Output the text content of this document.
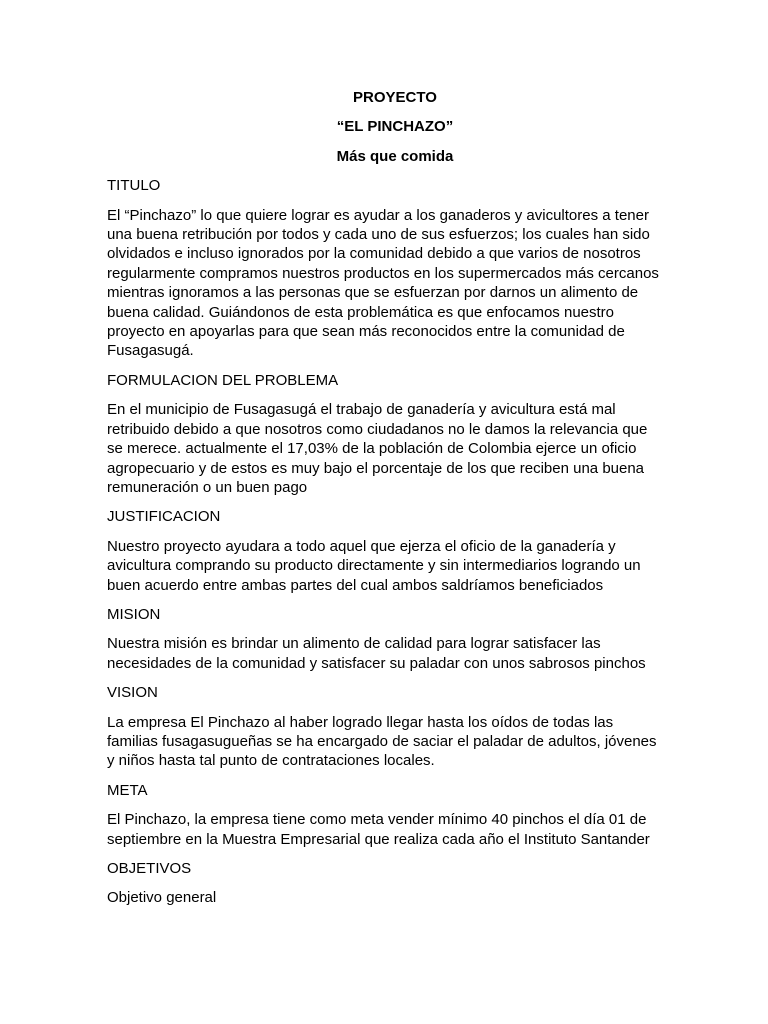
PROYECTO
“EL PINCHAZO”
Más que comida
TITULO
El “Pinchazo” lo que quiere lograr es ayudar a los ganaderos y avicultores a tener una buena retribución por todos y cada uno de sus esfuerzos; los cuales han sido olvidados e incluso ignorados por la comunidad debido a que varios de nosotros regularmente compramos nuestros productos en los supermercados más cercanos mientras ignoramos a las personas que se esfuerzan por darnos un alimento de buena calidad. Guiándonos de esta problemática es que enfocamos nuestro proyecto en apoyarlas para que sean más reconocidos entre la comunidad de Fusagasugá.
FORMULACION DEL PROBLEMA
En el municipio de Fusagasugá el trabajo de ganadería y avicultura está mal retribuido debido a que nosotros como ciudadanos no le damos la relevancia que se merece. actualmente el 17,03% de la población de Colombia ejerce un oficio agropecuario y de estos es muy bajo el porcentaje de los que reciben una buena remuneración o un buen pago
JUSTIFICACION
Nuestro proyecto ayudara a todo aquel que ejerza el oficio de la ganadería y avicultura comprando su producto directamente y sin intermediarios logrando un buen acuerdo entre ambas partes del cual ambos saldríamos beneficiados
MISION
Nuestra misión es brindar un alimento de calidad para lograr satisfacer las necesidades de la comunidad y satisfacer su paladar con unos sabrosos pinchos
VISION
La empresa El Pinchazo al haber logrado llegar hasta los oídos de todas las familias fusagasugueñas se ha encargado de saciar el paladar de adultos, jóvenes y niños hasta tal punto de contrataciones locales.
META
El Pinchazo, la empresa tiene como meta vender mínimo 40 pinchos el día 01 de septiembre en la Muestra Empresarial que realiza cada año el Instituto Santander
OBJETIVOS
Objetivo general
